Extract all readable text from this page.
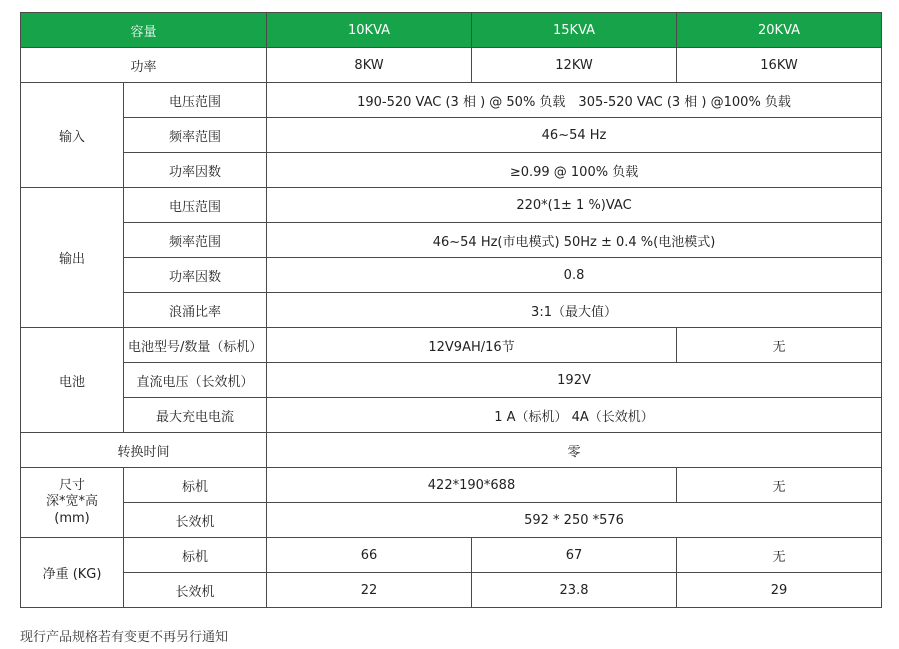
容量		10KVA	15KVA	20KVA
功率		8KW	12KW	16KW
输入	电压范围	190-520 VAC (3 相 ) @ 50% 负载　305-520 VAC (3 相 ) @100% 负载		
	频率范围	46~54 Hz		
	功率因数	≥0.99 @ 100% 负载		
输出	电压范围	220*(1± 1 %)VAC		
	频率范围	46~54 Hz(市电模式) 50Hz ± 0.4 %(电池模式)		
	功率因数	0.8		
	浪涌比率	3:1（最大值）		
电池	电池型号/数量（标机）	12V9AH/16节		无
	直流电压（长效机）	192V		
	最大充电电流	1 A（标机） 4A（长效机）		
转换时间		零		

尺寸
深*宽*高
(mm)	标机	422*190*688		无
	长效机	592 * 250 *576		
净重 (KG)	标机	66	67	无
	长效机	22	23.8	29
现行产品规格若有变更不再另行通知
